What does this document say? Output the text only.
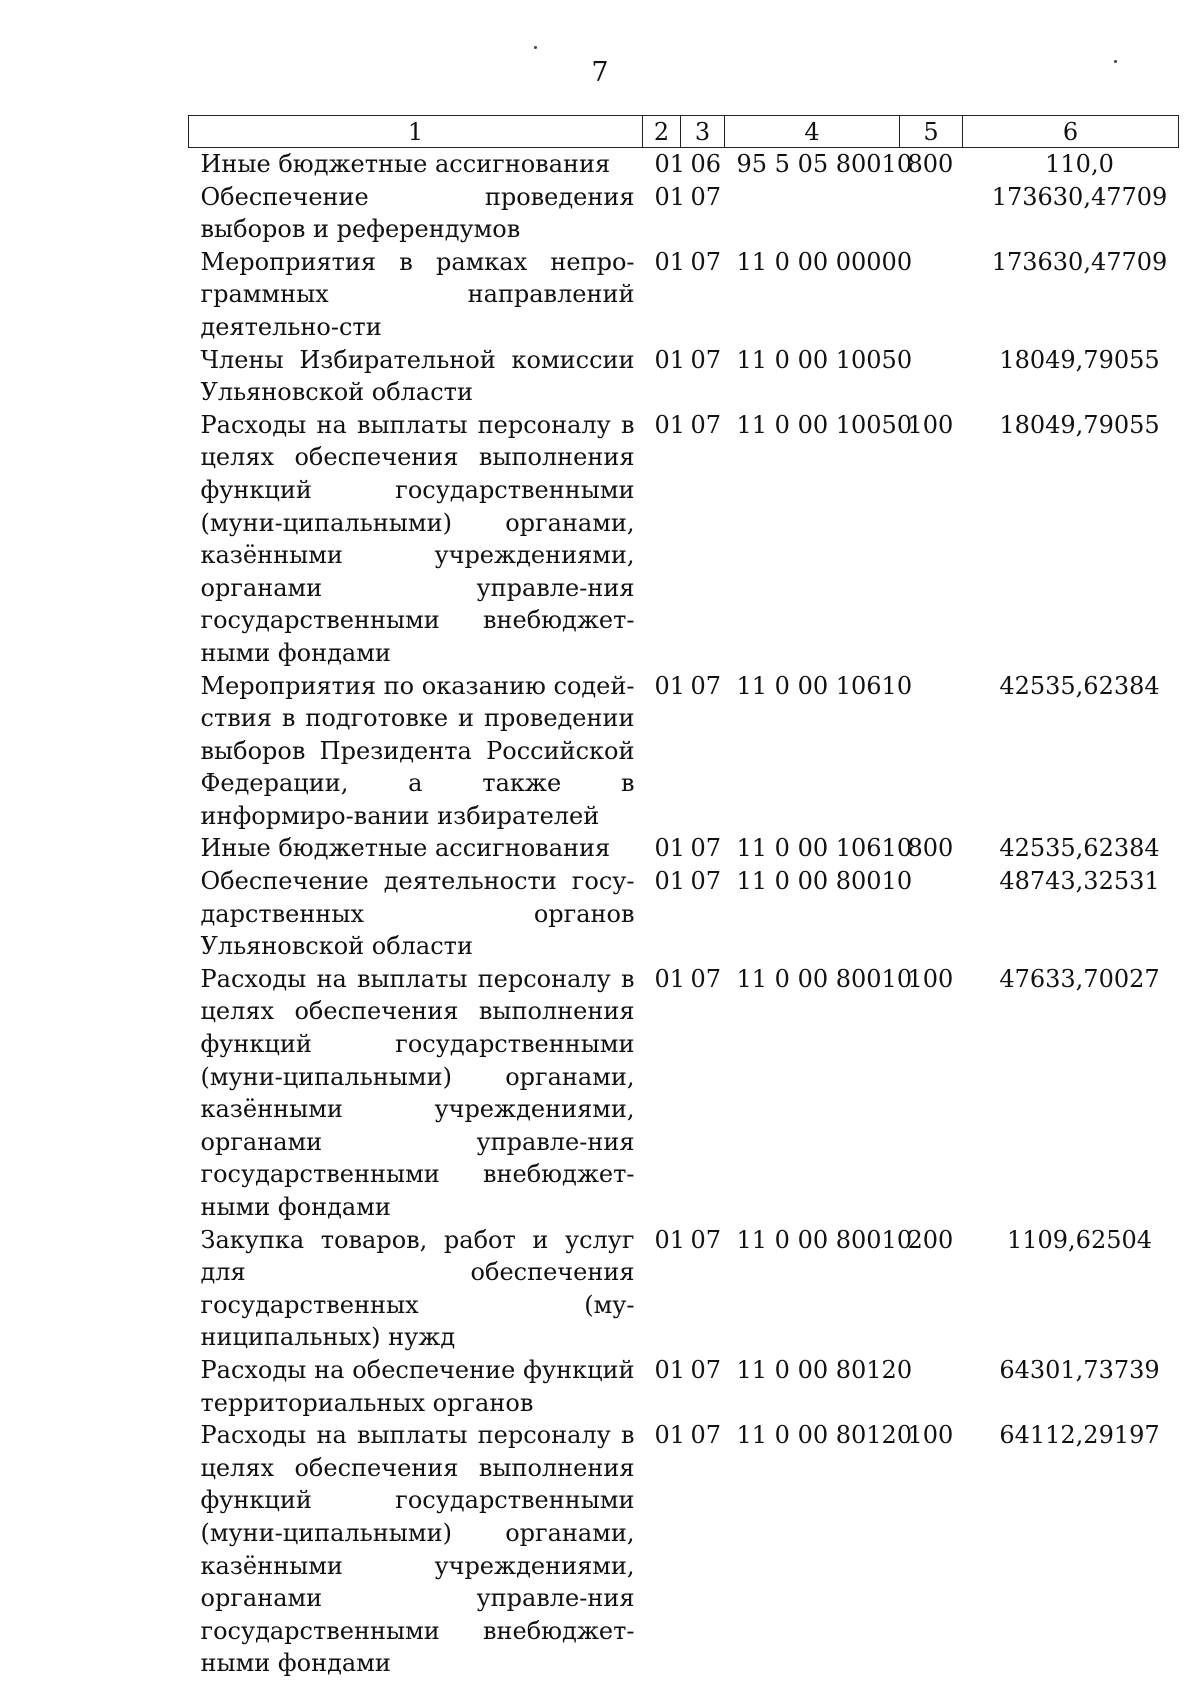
7
1	2	3	4	5	6
Иные бюджетные ассигнования	01	06	95 5 05 80010	800	110,0
Обеспечение проведения выборов и референдумов	01	07			173630,47709
Мероприятия в рамках непро-граммных направлений деятельно-сти	01	07	11 0 00 00000		173630,47709
Члены Избирательной комиссии Ульяновской области	01	07	11 0 00 10050		18049,79055
Расходы на выплаты персоналу в целях обеспечения выполнения функций государственными (муни-ципальными) органами, казёнными учреждениями, органами управле-ния государственными внебюджет-ными фондами	01	07	11 0 00 10050	100	18049,79055
Мероприятия по оказанию содей-ствия в подготовке и проведении выборов Президента Российской Федерации, а также в информиро-вании избирателей	01	07	11 0 00 10610		42535,62384
Иные бюджетные ассигнования	01	07	11 0 00 10610	800	42535,62384
Обеспечение деятельности госу-дарственных органов Ульяновской области	01	07	11 0 00 80010		48743,32531
Расходы на выплаты персоналу в целях обеспечения выполнения функций государственными (муни-ципальными) органами, казёнными учреждениями, органами управле-ния государственными внебюджет-ными фондами	01	07	11 0 00 80010	100	47633,70027
Закупка товаров, работ и услуг для обеспечения государственных (му-ниципальных) нужд	01	07	11 0 00 80010	200	1109,62504
Расходы на обеспечение функций территориальных органов	01	07	11 0 00 80120		64301,73739
Расходы на выплаты персоналу в целях обеспечения выполнения функций государственными (муни-ципальными) органами, казёнными учреждениями, органами управле-ния государственными внебюджет-ными фондами	01	07	11 0 00 80120	100	64112,29197
